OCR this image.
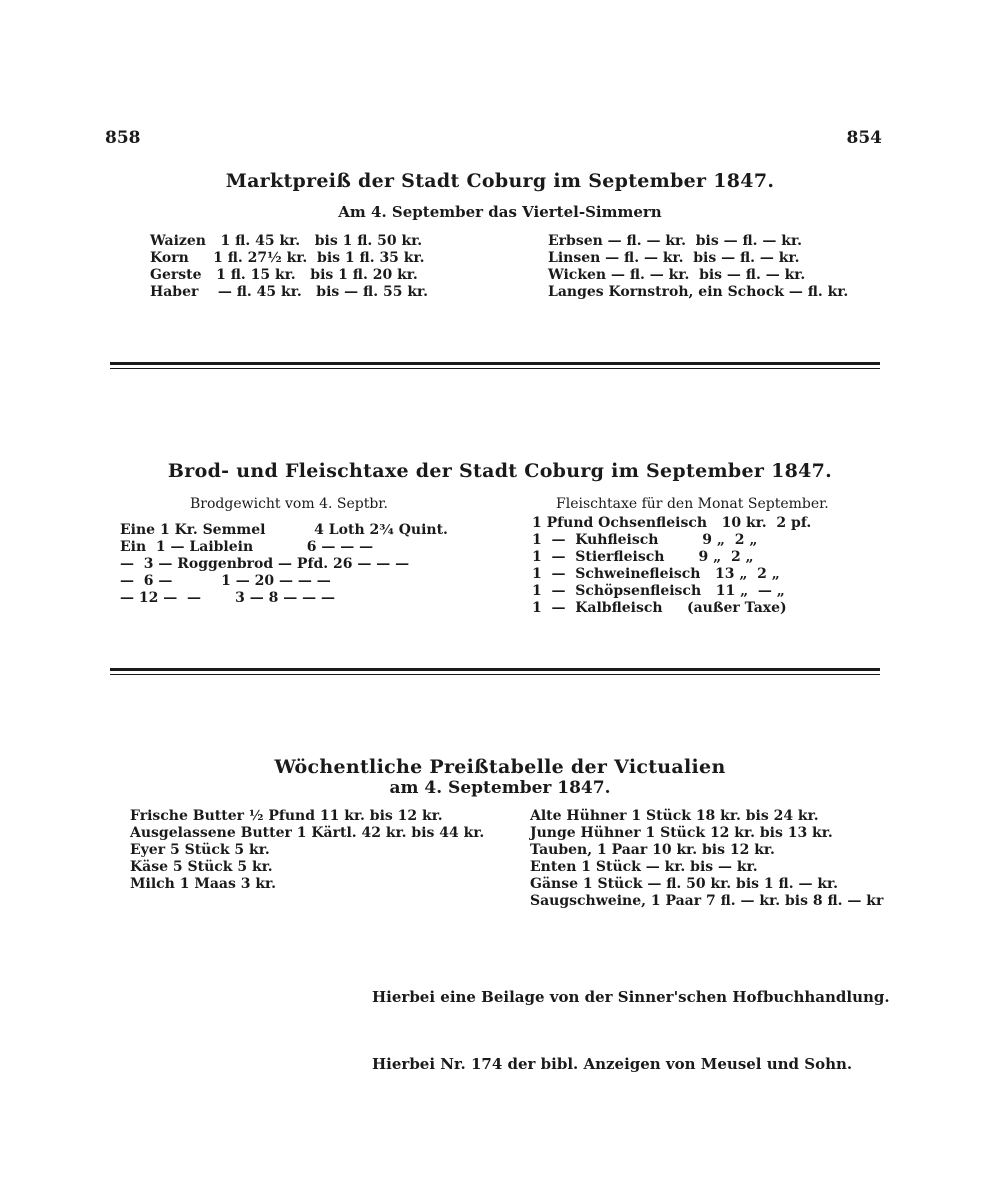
858	854
Marktpreiß der Stadt Coburg im September 1847.
Am 4. September das Viertel-Simmern
Waizen   1 fl. 45 kr.   bis 1 fl. 50 kr.
Korn     1 fl. 27½ kr.  bis 1 fl. 35 kr.
Gerste   1 fl. 15 kr.   bis 1 fl. 20 kr.
Haber    — fl. 45 kr.   bis — fl. 55 kr.
Erbsen — fl. — kr.  bis — fl. — kr.
Linsen — fl. — kr.  bis — fl. — kr.
Wicken — fl. — kr.  bis — fl. — kr.
Langes Kornstroh, ein Schock — fl. kr.
Brod- und Fleischtaxe der Stadt Coburg im September 1847.
Brodgewicht vom 4. Septbr.	Fleischtaxe für den Monat September.
Eine 1 Kr. Semmel          4 Loth 2¾ Quint.
Ein  1 — Laiblein           6 — — —
—  3 — Roggenbrod — Pfd. 26 — — —
—  6 —          1 — 20 — — —
— 12 —  —       3 — 8 — — —
1 Pfund Ochsenfleisch   10 kr.  2 pf.
1  —  Kuhfleisch         9 „  2 „
1  —  Stierfleisch       9 „  2 „
1  —  Schweinefleisch   13 „  2 „
1  —  Schöpsenfleisch   11 „  — „
1  —  Kalbfleisch     (außer Taxe)
Wöchentliche Preißtabelle der Victualien
am 4. September 1847.
Frische Butter ½ Pfund 11 kr. bis 12 kr.
Ausgelassene Butter 1 Kärtl. 42 kr. bis 44 kr.
Eyer 5 Stück 5 kr.
Käse 5 Stück 5 kr.
Milch 1 Maas 3 kr.
Alte Hühner 1 Stück 18 kr. bis 24 kr.
Junge Hühner 1 Stück 12 kr. bis 13 kr.
Tauben, 1 Paar 10 kr. bis 12 kr.
Enten 1 Stück — kr. bis — kr.
Gänse 1 Stück — fl. 50 kr. bis 1 fl. — kr.
Saugschweine, 1 Paar 7 fl. — kr. bis 8 fl. — kr
Hierbei eine Beilage von der Sinner'schen Hofbuchhandlung.
Hierbei Nr. 174 der bibl. Anzeigen von Meusel und Sohn.
